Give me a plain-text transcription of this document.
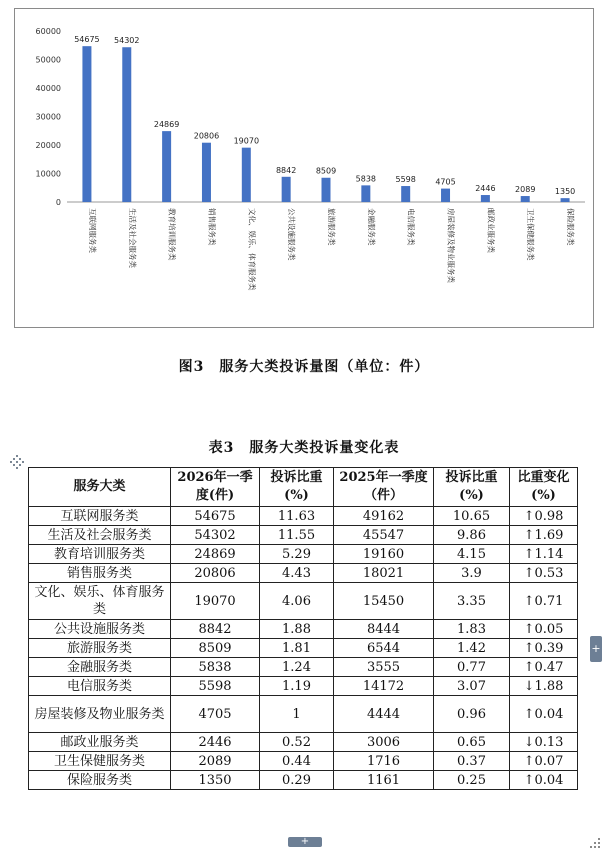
0
10000
20000
30000
40000
50000
60000
54675
互联网服务类
54302
生活及社会服务类
24869
教育培训服务类
20806
销售服务类
19070
文化、娱乐、体育服务类
8842
公共设施服务类
8509
旅游服务类
5838
金融服务类
5598
电信服务类
4705
房屋装修及物业服务类
2446
邮政业服务类
2089
卫生保健服务类
1350
保险服务类
图3　服务大类投诉量图（单位：件）
表3　服务大类投诉量变化表
服务大类	2026年一季度(件)	投诉比重(%)	2025年一季度（件）	投诉比重(%)	比重变化(%)
互联网服务类	54675	11.63	49162	10.65	↑0.98
生活及社会服务类	54302	11.55	45547	9.86	↑1.69
教育培训服务类	24869	5.29	19160	4.15	↑1.14
销售服务类	20806	4.43	18021	3.9	↑0.53
文化、娱乐、体育服务类	19070	4.06	15450	3.35	↑0.71
公共设施服务类	8842	1.88	8444	1.83	↑0.05
旅游服务类	8509	1.81	6544	1.42	↑0.39
金融服务类	5838	1.24	3555	0.77	↑0.47
电信服务类	5598	1.19	14172	3.07	↓1.88
房屋装修及物业服务类	4705	1	4444	0.96	↑0.04
邮政业服务类	2446	0.52	3006	0.65	↓0.13
卫生保健服务类	2089	0.44	1716	0.37	↑0.07
保险服务类	1350	0.29	1161	0.25	↑0.04
+
+
